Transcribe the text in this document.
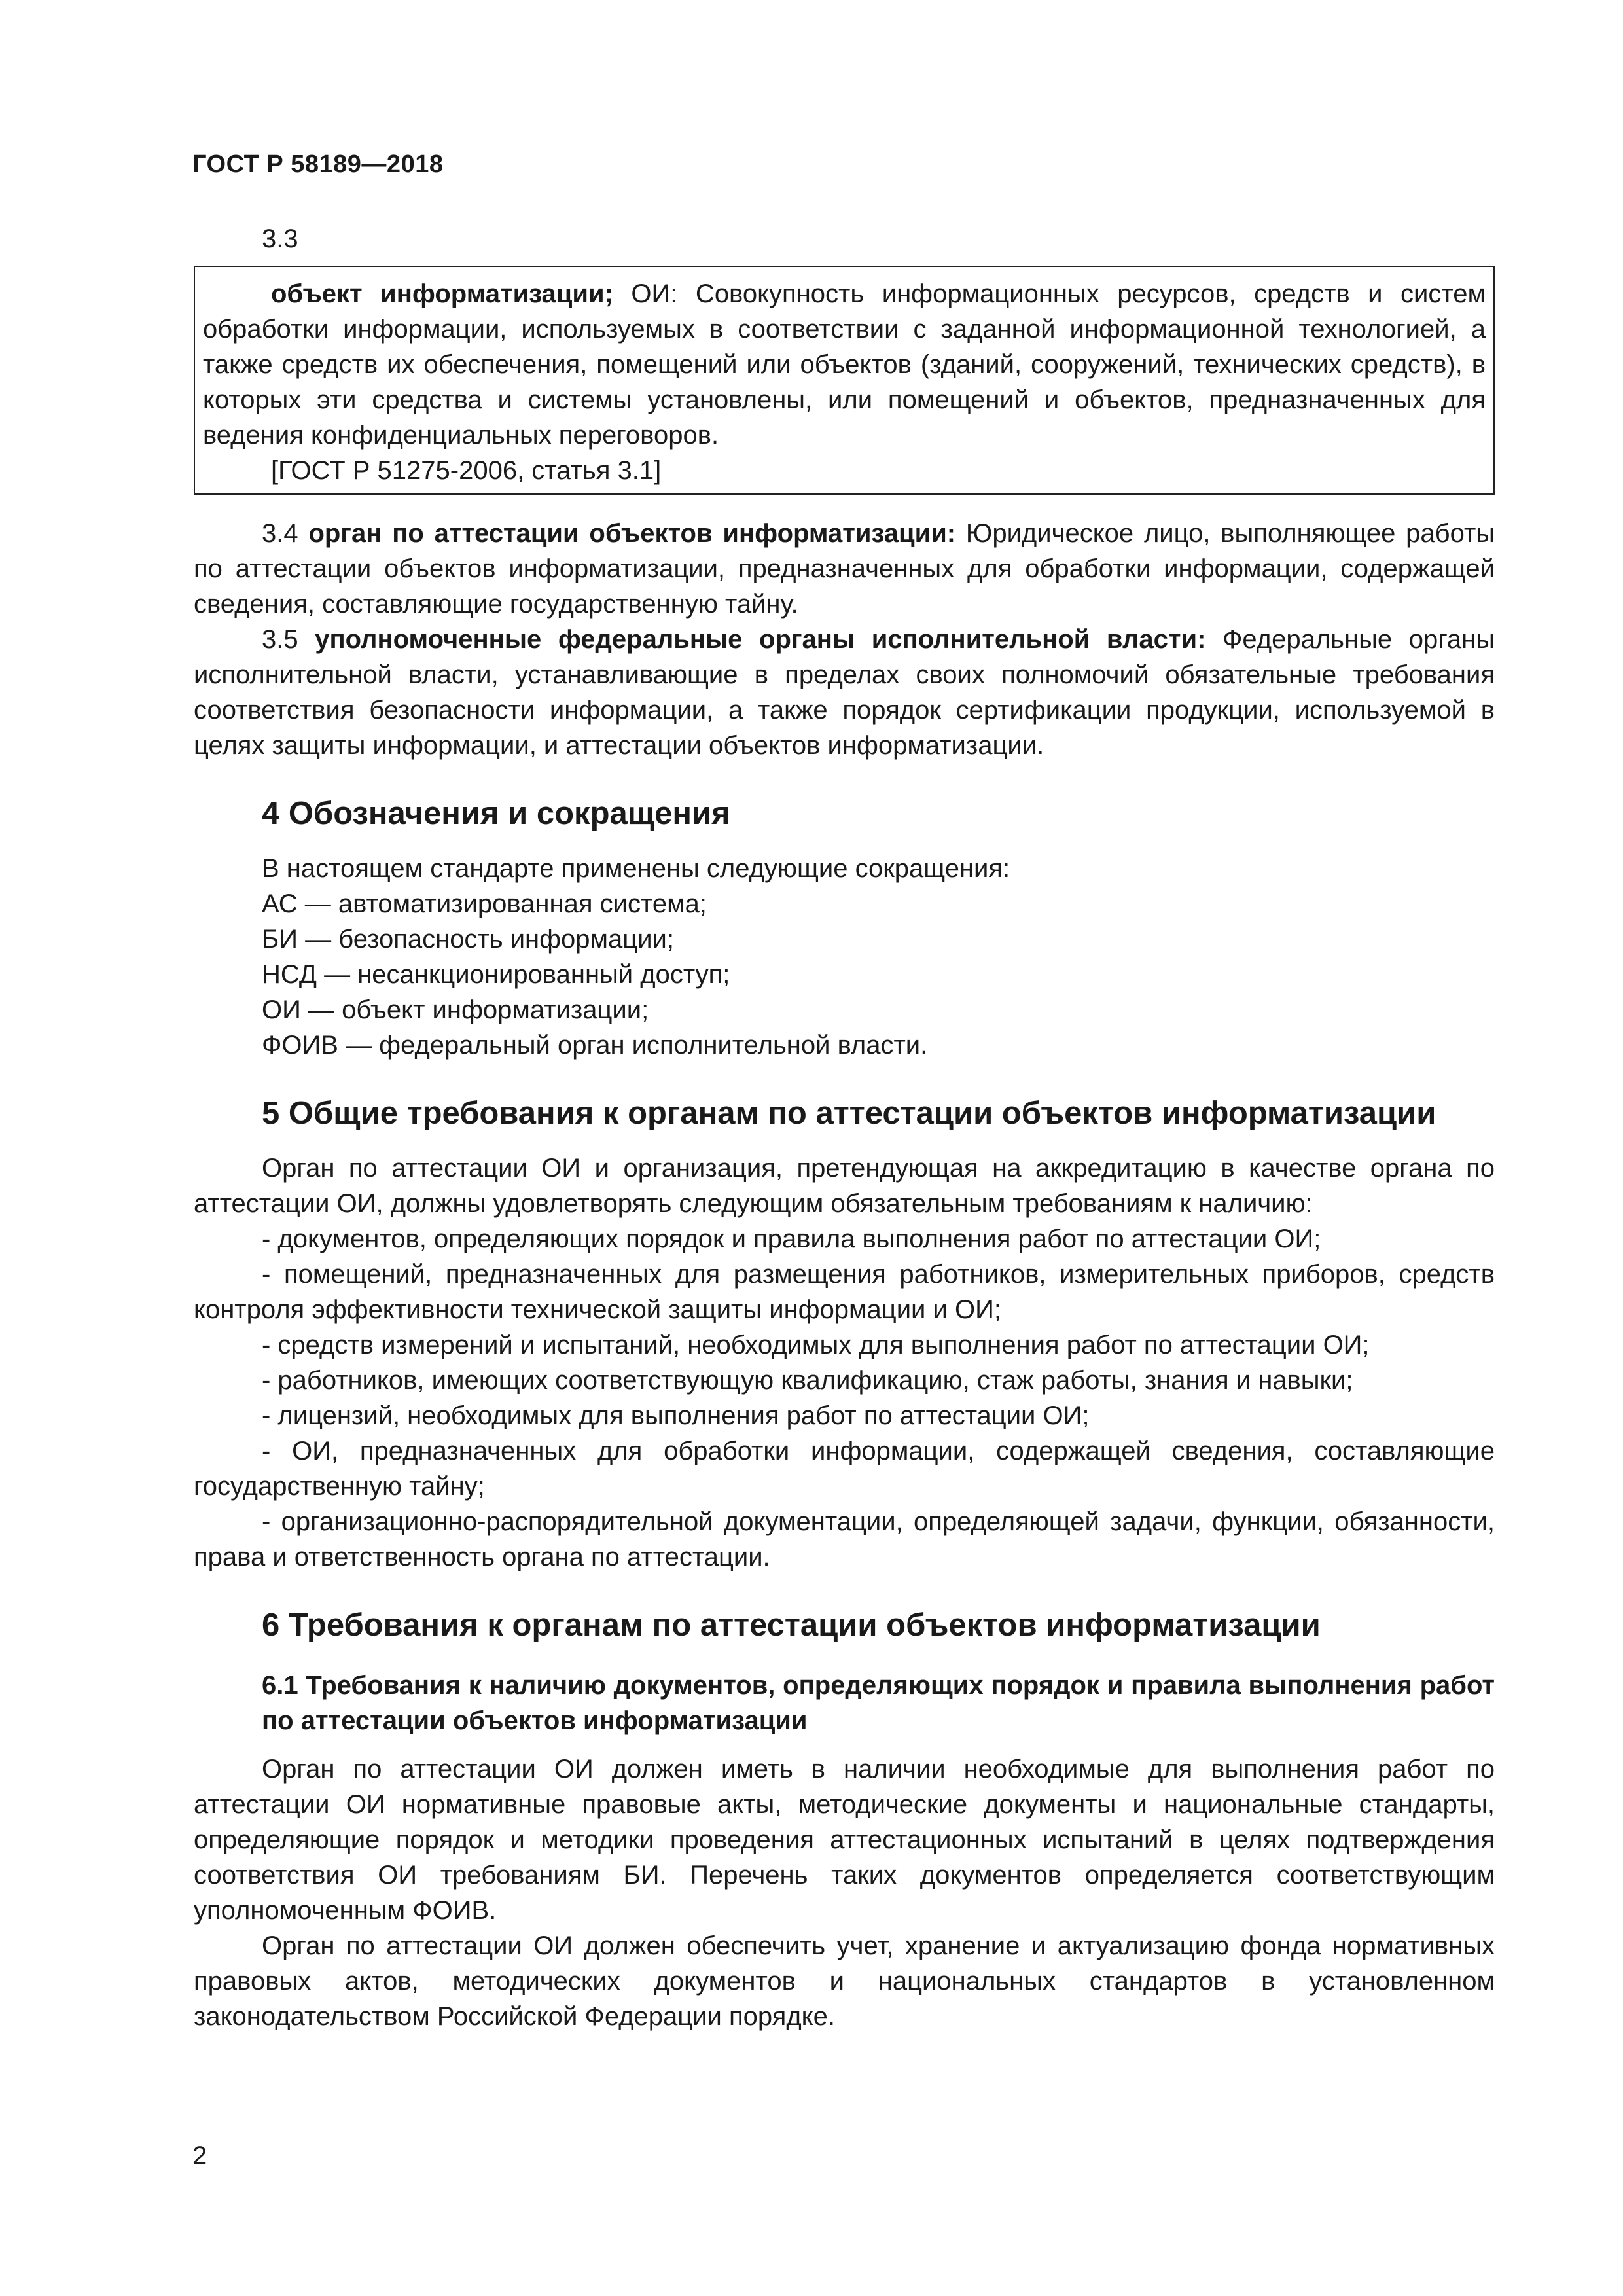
ГОСТ Р 58189—2018

3.3

объект информатизации; ОИ: Совокупность информационных ресурсов, средств и систем обработки информации, используемых в соответствии с заданной информационной технологией, а также средств их обеспечения, помещений или объектов (зданий, сооружений, технических средств), в которых эти средства и системы установлены, или помещений и объектов, предназначенных для ведения конфиденциальных переговоров.

[ГОСТ Р 51275-2006, статья 3.1]

3.4 орган по аттестации объектов информатизации: Юридическое лицо, выполняющее работы по аттестации объектов информатизации, предназначенных для обработки информации, содержащей сведения, составляющие государственную тайну.

3.5 уполномоченные федеральные органы исполнительной власти: Федеральные органы исполнительной власти, устанавливающие в пределах своих полномочий обязательные требования соответствия безопасности информации, а также порядок сертификации продукции, используемой в целях защиты информации, и аттестации объектов информатизации.

4 Обозначения и сокращения

В настоящем стандарте применены следующие сокращения:

АС — автоматизированная система;

БИ — безопасность информации;

НСД — несанкционированный доступ;

ОИ — объект информатизации;

ФОИВ — федеральный орган исполнительной власти.

5 Общие требования к органам по аттестации объектов информатизации

Орган по аттестации ОИ и организация, претендующая на аккредитацию в качестве органа по аттестации ОИ, должны удовлетворять следующим обязательным требованиям к наличию:

- документов, определяющих порядок и правила выполнения работ по аттестации ОИ;

- помещений, предназначенных для размещения работников, измерительных приборов, средств контроля эффективности технической защиты информации и ОИ;

- средств измерений и испытаний, необходимых для выполнения работ по аттестации ОИ;

- работников, имеющих соответствующую квалификацию, стаж работы, знания и навыки;

- лицензий, необходимых для выполнения работ по аттестации ОИ;

- ОИ, предназначенных для обработки информации, содержащей сведения, составляющие государственную тайну;

- организационно-распорядительной документации, определяющей задачи, функции, обязанности, права и ответственность органа по аттестации.

6 Требования к органам по аттестации объектов информатизации
6.1 Требования к наличию документов, определяющих порядок и правила выполнения работ по аттестации объектов информатизации

Орган по аттестации ОИ должен иметь в наличии необходимые для выполнения работ по аттестации ОИ нормативные правовые акты, методические документы и национальные стандарты, определяющие порядок и методики проведения аттестационных испытаний в целях подтверждения соответствия ОИ требованиям БИ. Перечень таких документов определяется соответствующим уполномоченным ФОИВ.

Орган по аттестации ОИ должен обеспечить учет, хранение и актуализацию фонда нормативных правовых актов, методических документов и национальных стандартов в установленном законодательством Российской Федерации порядке.

2
